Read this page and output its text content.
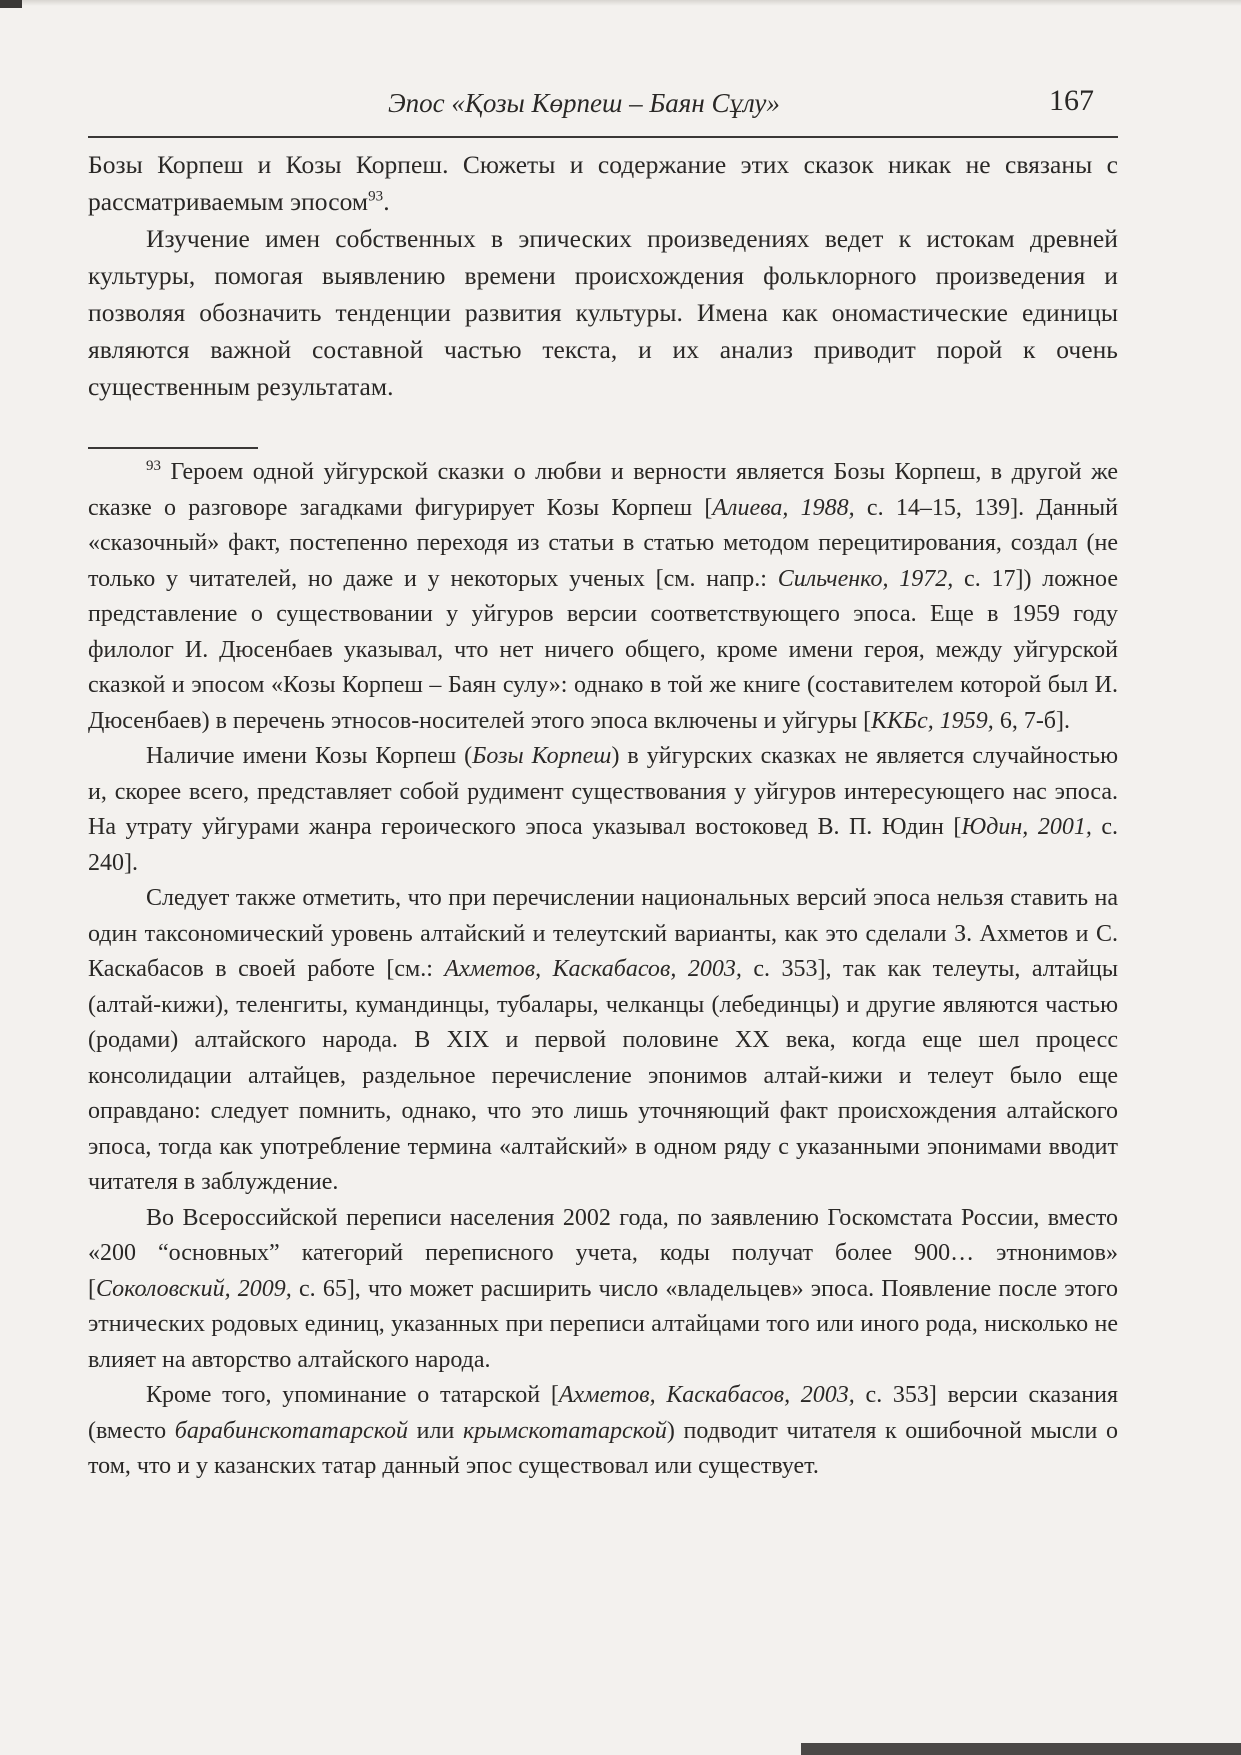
Эпос «Қозы Көрпеш – Баян Сұлу»	167

Бозы Корпеш и Козы Корпеш. Сюжеты и содержание этих сказок никак не связаны с рассматриваемым эпосом$^{93}$.

Изучение имен собственных в эпических произведениях ведет к истокам древней культуры, помогая выявлению времени происхождения фольклорного произведения и позволяя обозначить тенденции развития культуры. Имена как ономастические единицы являются важной составной частью текста, и их анализ приводит порой к очень существенным результатам.

$^{93}$ Героем одной уйгурской сказки о любви и верности является Бозы Корпеш, в другой же сказке о разговоре загадками фигурирует Козы Корпеш [Алиева, 1988, с. 14–15, 139]. Данный «сказочный» факт, постепенно переходя из статьи в статью методом перецитирования, создал (не только у читателей, но даже и у некоторых ученых [см. напр.: Сильченко, 1972, с. 17]) ложное представление о существовании у уйгуров версии соответствующего эпоса. Еще в 1959 году филолог И. Дюсенбаев указывал, что нет ничего общего, кроме имени героя, между уйгурской сказкой и эпосом «Козы Корпеш – Баян сулу»: однако в той же книге (составителем которой был И. Дюсенбаев) в перечень этносов-носителей этого эпоса включены и уйгуры [ККБс, 1959, 6, 7-б].

Наличие имени Козы Корпеш (Бозы Корпеш) в уйгурских сказках не является случайностью и, скорее всего, представляет собой рудимент существования у уйгуров интересующего нас эпоса. На утрату уйгурами жанра героического эпоса указывал востоковед В. П. Юдин [Юдин, 2001, с. 240].

Следует также отметить, что при перечислении национальных версий эпоса нельзя ставить на один таксономический уровень алтайский и телеутский варианты, как это сделали З. Ахметов и С. Каскабасов в своей работе [см.: Ахметов, Каскабасов, 2003, с. 353], так как телеуты, алтайцы (алтай-кижи), теленгиты, кумандинцы, тубалары, челканцы (лебединцы) и другие являются частью (родами) алтайского народа. В XIX и первой половине XX века, когда еще шел процесс консолидации алтайцев, раздельное перечисление эпонимов алтай-кижи и телеут было еще оправдано: следует помнить, однако, что это лишь уточняющий факт происхождения алтайского эпоса, тогда как употребление термина «алтайский» в одном ряду с указанными эпонимами вводит читателя в заблуждение.

Во Всероссийской переписи населения 2002 года, по заявлению Госкомстата России, вместо «200 “основных” категорий переписного учета, коды получат более 900… этнонимов» [Соколовский, 2009, с. 65], что может расширить число «владельцев» эпоса. Появление после этого этнических родовых единиц, указанных при переписи алтайцами того или иного рода, нисколько не влияет на авторство алтайского народа.

Кроме того, упоминание о татарской [Ахметов, Каскабасов, 2003, с. 353] версии сказания (вместо барабинскотатарской или крымскотатарской) подводит читателя к ошибочной мысли о том, что и у казанских татар данный эпос существовал или существует.
